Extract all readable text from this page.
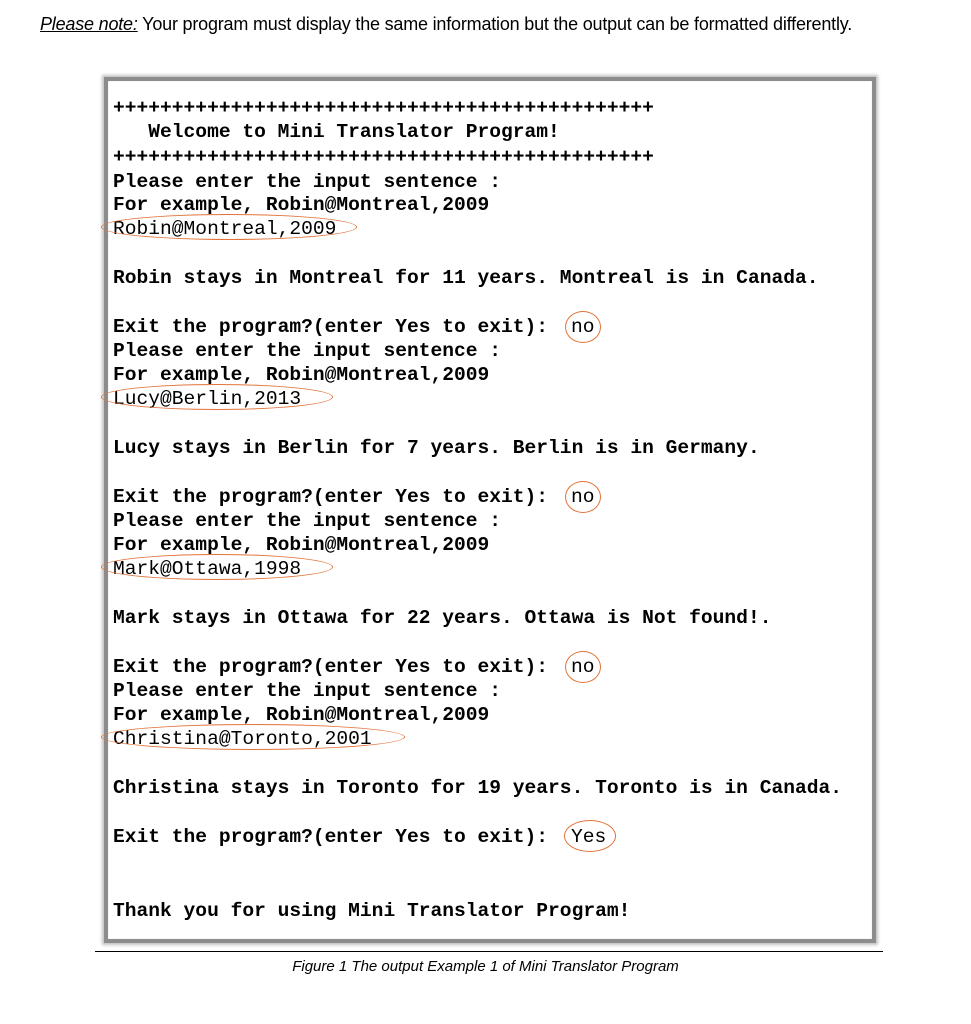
Please note: Your program must display the same information but the output can be formatted differently.
++++++++++++++++++++++++++++++++++++++++++++++
Welcome to Mini Translator Program!
++++++++++++++++++++++++++++++++++++++++++++++
Please enter the input sentence :
For example, Robin@Montreal,2009
Robin@Montreal,2009
Robin stays in Montreal for 11 years. Montreal is in Canada.
Exit the program?(enter Yes to exit): no
Please enter the input sentence :
For example, Robin@Montreal,2009
Lucy@Berlin,2013
Lucy stays in Berlin for 7 years. Berlin is in Germany.
Exit the program?(enter Yes to exit): no
Please enter the input sentence :
For example, Robin@Montreal,2009
Mark@Ottawa,1998
Mark stays in Ottawa for 22 years. Ottawa is Not found!.
Exit the program?(enter Yes to exit): no
Please enter the input sentence :
For example, Robin@Montreal,2009
Christina@Toronto,2001
Christina stays in Toronto for 19 years. Toronto is in Canada.
Exit the program?(enter Yes to exit): Yes
Thank you for using Mini Translator Program!
Figure 1 The output Example 1 of Mini Translator Program
